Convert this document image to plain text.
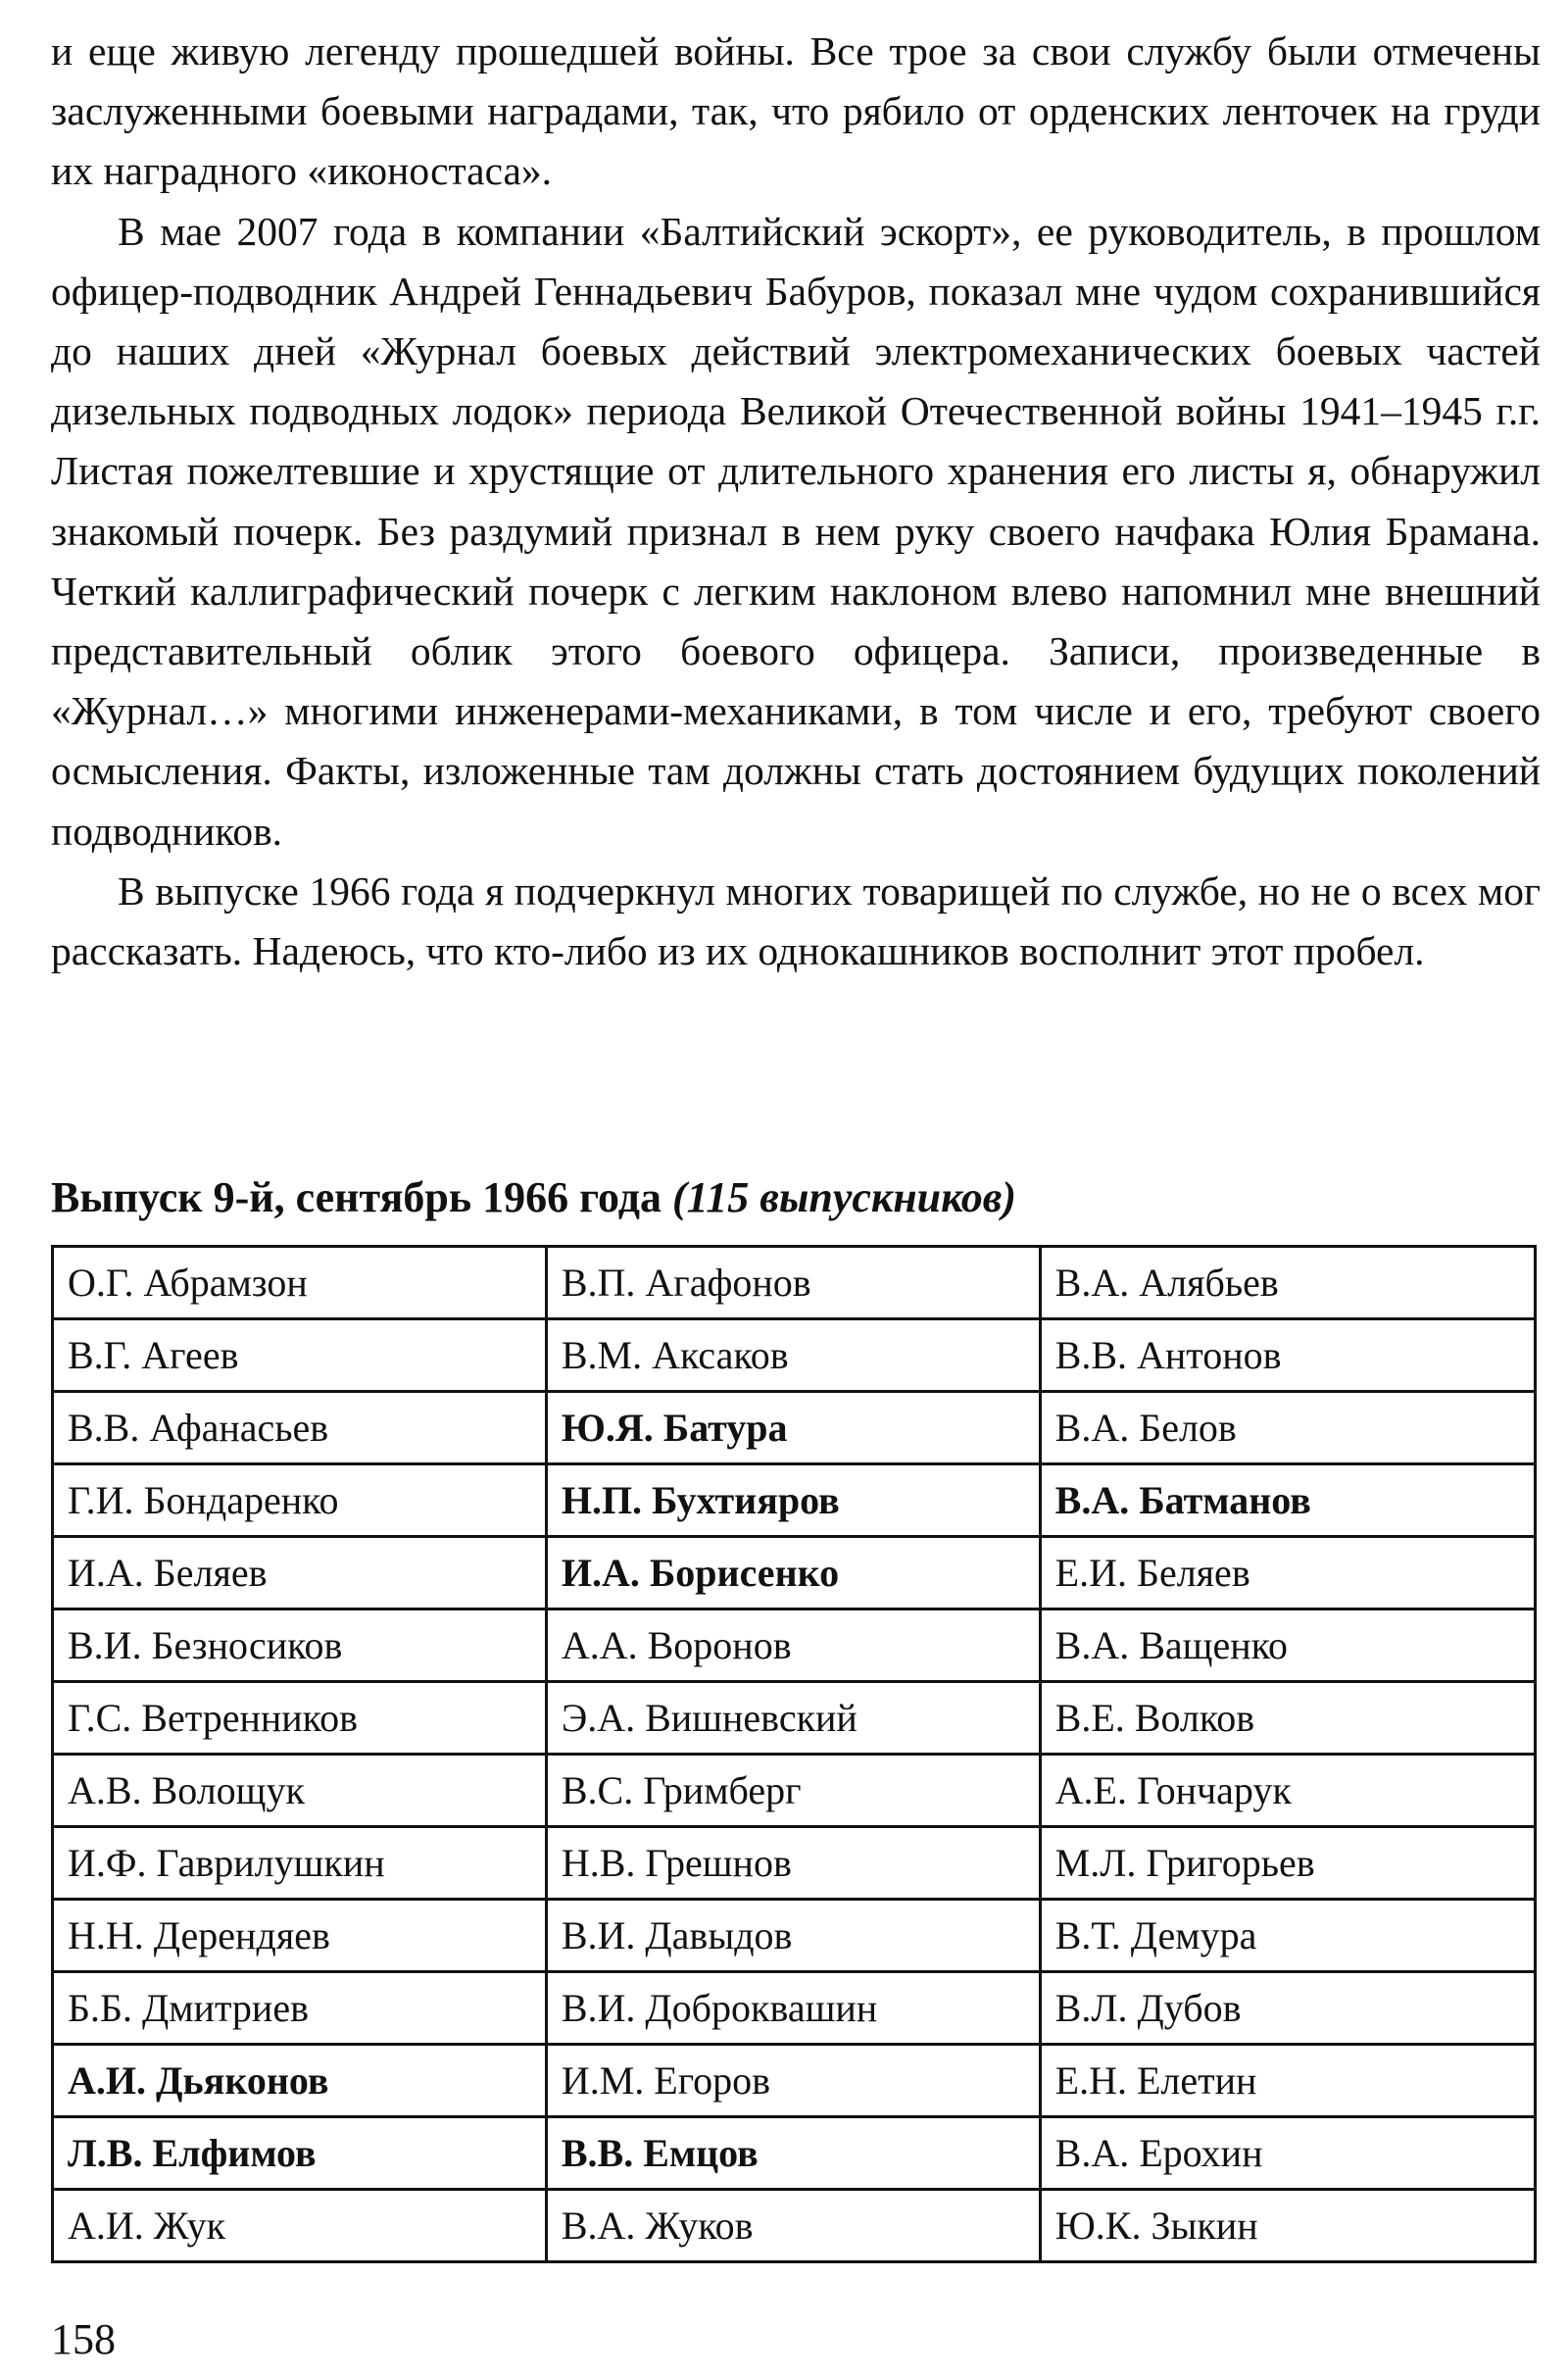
и еще живую легенду прошедшей войны. Все трое за свои службу были отмечены заслуженными боевыми наградами, так, что рябило от орденских ленточек на груди их наградного «иконостаса».

В мае 2007 года в компании «Балтийский эскорт», ее руководитель, в прошлом офицер-подводник Андрей Геннадьевич Бабуров, показал мне чудом сохранившийся до наших дней «Журнал боевых действий электромеханических боевых частей дизельных подводных лодок» периода Великой Отечественной войны 1941–1945 г.г. Листая пожелтевшие и хрустящие от длительного хранения его листы я, обнаружил знакомый почерк. Без раздумий признал в нем руку своего начфака Юлия Брамана. Четкий каллиграфический почерк с легким наклоном влево напомнил мне внешний представительный облик этого боевого офицера. Записи, произведенные в «Журнал…» многими инженерами-механиками, в том числе и его, требуют своего осмысления. Факты, изложенные там должны стать достоянием будущих поколений подводников.

В выпуске 1966 года я подчеркнул многих товарищей по службе, но не о всех мог рассказать. Надеюсь, что кто-либо из их однокашников восполнит этот пробел.

Выпуск 9-й, сентябрь 1966 года (115 выпускников)

О.Г. Абрамзон	В.П. Агафонов	В.А. Алябьев
В.Г. Агеев	В.М. Аксаков	В.В. Антонов
В.В. Афанасьев	Ю.Я. Батура	В.А. Белов
Г.И. Бондаренко	Н.П. Бухтияров	В.А. Батманов
И.А. Беляев	И.А. Борисенко	Е.И. Беляев
В.И. Безносиков	А.А. Воронов	В.А. Ващенко
Г.С. Ветренников	Э.А. Вишневский	В.Е. Волков
А.В. Волощук	В.С. Гримберг	А.Е. Гончарук
И.Ф. Гаврилушкин	Н.В. Грешнов	М.Л. Григорьев
Н.Н. Дерендяев	В.И. Давыдов	В.Т. Демура
Б.Б. Дмитриев	В.И. Доброквашин	В.Л. Дубов
А.И. Дьяконов	И.М. Егоров	Е.Н. Елетин
Л.В. Елфимов	В.В. Емцов	В.А. Ерохин
А.И. Жук	В.А. Жуков	Ю.К. Зыкин

158
